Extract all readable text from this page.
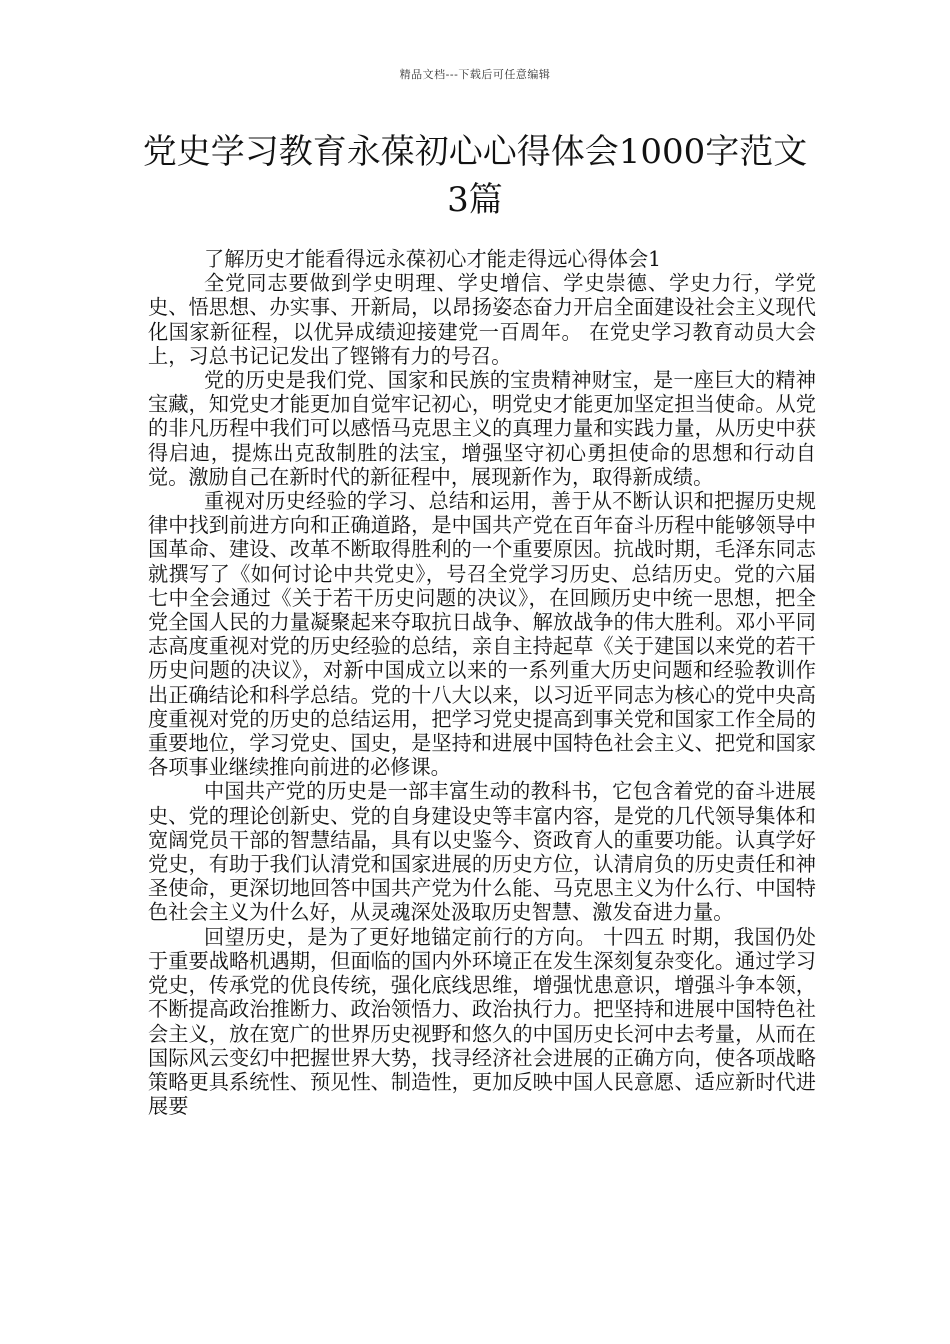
精品文档---下载后可任意编辑
党史学习教育永葆初心心得体会1000字范文3篇

了解历史才能看得远永葆初心才能走得远心得体会1

全党同志要做到学史明理、学史增信、学史崇德、学史力行，学党史、悟思想、办实事、开新局，以昂扬姿态奋力开启全面建设社会主义现代化国家新征程，以优异成绩迎接建党一百周年。 在党史学习教育动员大会上，习总书记记发出了铿锵有力的号召。

党的历史是我们党、国家和民族的宝贵精神财宝，是一座巨大的精神宝藏，知党史才能更加自觉牢记初心，明党史才能更加坚定担当使命。从党的非凡历程中我们可以感悟马克思主义的真理力量和实践力量，从历史中获得启迪，提炼出克敌制胜的法宝，增强坚守初心勇担使命的思想和行动自觉。激励自己在新时代的新征程中，展现新作为，取得新成绩。

重视对历史经验的学习、总结和运用，善于从不断认识和把握历史规律中找到前进方向和正确道路，是中国共产党在百年奋斗历程中能够领导中国革命、建设、改革不断取得胜利的一个重要原因。抗战时期，毛泽东同志就撰写了《如何讨论中共党史》，号召全党学习历史、总结历史。党的六届七中全会通过《关于若干历史问题的决议》，在回顾历史中统一思想，把全党全国人民的力量凝聚起来夺取抗日战争、解放战争的伟大胜利。邓小平同志高度重视对党的历史经验的总结，亲自主持起草《关于建国以来党的若干历史问题的决议》，对新中国成立以来的一系列重大历史问题和经验教训作出正确结论和科学总结。党的十八大以来，以习近平同志为核心的党中央高度重视对党的历史的总结运用，把学习党史提高到事关党和国家工作全局的重要地位，学习党史、国史，是坚持和进展中国特色社会主义、把党和国家各项事业继续推向前进的必修课。

中国共产党的历史是一部丰富生动的教科书，它包含着党的奋斗进展史、党的理论创新史、党的自身建设史等丰富内容，是党的几代领导集体和宽阔党员干部的智慧结晶，具有以史鉴今、资政育人的重要功能。认真学好党史，有助于我们认清党和国家进展的历史方位，认清肩负的历史责任和神圣使命，更深切地回答中国共产党为什么能、马克思主义为什么行、中国特色社会主义为什么好，从灵魂深处汲取历史智慧、激发奋进力量。

回望历史，是为了更好地锚定前行的方向。 十四五 时期，我国仍处于重要战略机遇期，但面临的国内外环境正在发生深刻复杂变化。通过学习党史，传承党的优良传统，强化底线思维，增强忧患意识，增强斗争本领，不断提高政治推断力、政治领悟力、政治执行力。把坚持和进展中国特色社会主义，放在宽广的世界历史视野和悠久的中国历史长河中去考量，从而在国际风云变幻中把握世界大势，找寻经济社会进展的正确方向，使各项战略策略更具系统性、预见性、制造性，更加反映中国人民意愿、适应新时代进展要
